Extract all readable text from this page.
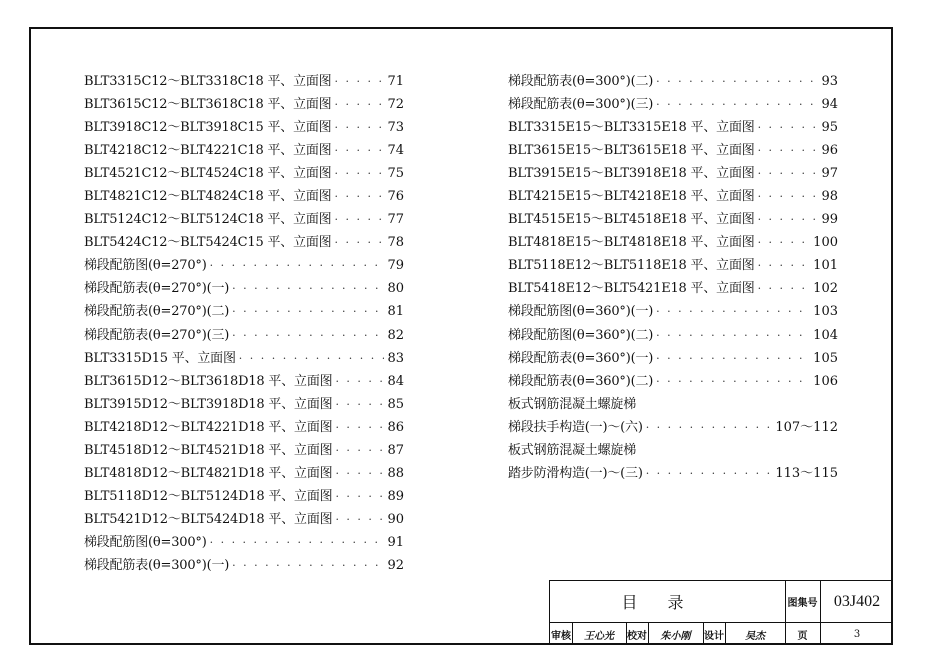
BLT3315C12～BLT3318C18 平、立面图 · · ·	71
BLT3615C12～BLT3618C18 平、立面图 · · ·	72
BLT3918C12～BLT3918C15 平、立面图 · · ·	73
BLT4218C12～BLT4221C18 平、立面图 · · ·	74
BLT4521C12～BLT4524C18 平、立面图 · · ·	75
BLT4821C12～BLT4824C18 平、立面图 · · ·	76
BLT5124C12～BLT5124C18 平、立面图 · · ·	77
BLT5424C12～BLT5424C15 平、立面图 · · ·	78
梯段配筋图(θ=270°) · · ·	79
梯段配筋表(θ=270°)(一) · · ·	80
梯段配筋表(θ=270°)(二) · · ·	81
梯段配筋表(θ=270°)(三) · · ·	82
BLT3315D15 平、立面图 · · ·	83
BLT3615D12～BLT3618D18 平、立面图 · · ·	84
BLT3915D12～BLT3918D18 平、立面图 · · ·	85
BLT4218D12～BLT4221D18 平、立面图 · · ·	86
BLT4518D12～BLT4521D18 平、立面图 · · ·	87
BLT4818D12～BLT4821D18 平、立面图 · · ·	88
BLT5118D12～BLT5124D18 平、立面图 · · ·	89
BLT5421D12～BLT5424D18 平、立面图 · · ·	90
梯段配筋图(θ=300°) · · ·	91
梯段配筋表(θ=300°)(一) · · ·	92
梯段配筋表(θ=300°)(二) · · ·	93
梯段配筋表(θ=300°)(三) · · ·	94
BLT3315E15～BLT3315E18 平、立面图 · · ·	95
BLT3615E15～BLT3615E18 平、立面图 · · ·	96
BLT3915E15～BLT3918E18 平、立面图 · · ·	97
BLT4215E15～BLT4218E18 平、立面图 · · ·	98
BLT4515E15～BLT4518E18 平、立面图 · · ·	99
BLT4818E15～BLT4818E18 平、立面图 · · ·	100
BLT5118E12～BLT5118E18 平、立面图 · · ·	101
BLT5418E12～BLT5421E18 平、立面图 · · ·	102
梯段配筋图(θ=360°)(一) · · ·	103
梯段配筋图(θ=360°)(二) · · ·	104
梯段配筋表(θ=360°)(一) · · ·	105
梯段配筋表(θ=360°)(二) · · ·	106
板式钢筋混凝土螺旋梯
梯段扶手构造(一)～(六) · · ·	107～112
板式钢筋混凝土螺旋梯
踏步防滑构造(一)～(三) · · ·	113～115
目录	图集号	03J402
审核	王心光	校对	朱小刚	设计	吴杰	页	3
